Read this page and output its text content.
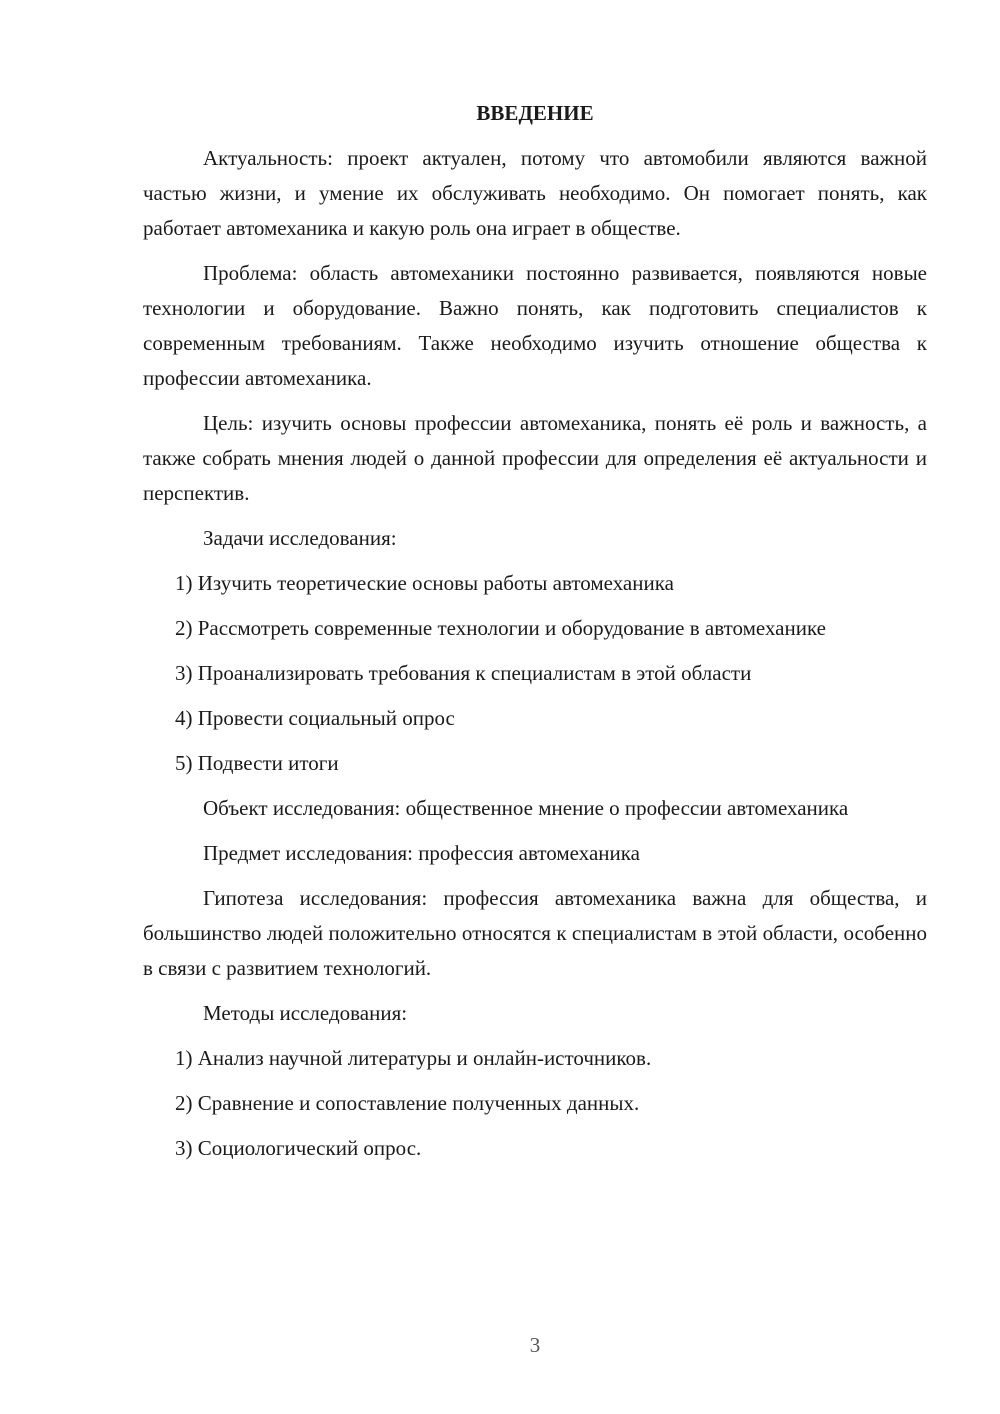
ВВЕДЕНИЕ

Актуальность: проект актуален, потому что автомобили являются важной частью жизни, и умение их обслуживать необходимо. Он помогает понять, как работает автомеханика и какую роль она играет в обществе.

Проблема: область автомеханики постоянно развивается, появляются новые технологии и оборудование. Важно понять, как подготовить специалистов к современным требованиям. Также необходимо изучить отношение общества к профессии автомеханика.

Цель: изучить основы профессии автомеханика, понять её роль и важность, а также собрать мнения людей о данной профессии для определения её актуальности и перспектив.

Задачи исследования:

1) Изучить теоретические основы работы автомеханика

2) Рассмотреть современные технологии и оборудование в автомеханике

3) Проанализировать требования к специалистам в этой области

4) Провести социальный опрос

5) Подвести итоги

Объект исследования: общественное мнение о профессии автомеханика

Предмет исследования: профессия автомеханика

Гипотеза исследования: профессия автомеханика важна для общества, и большинство людей положительно относятся к специалистам в этой области, особенно в связи с развитием технологий.

Методы исследования:

1) Анализ научной литературы и онлайн-источников.

2) Сравнение и сопоставление полученных данных.

3) Социологический опрос.

3
